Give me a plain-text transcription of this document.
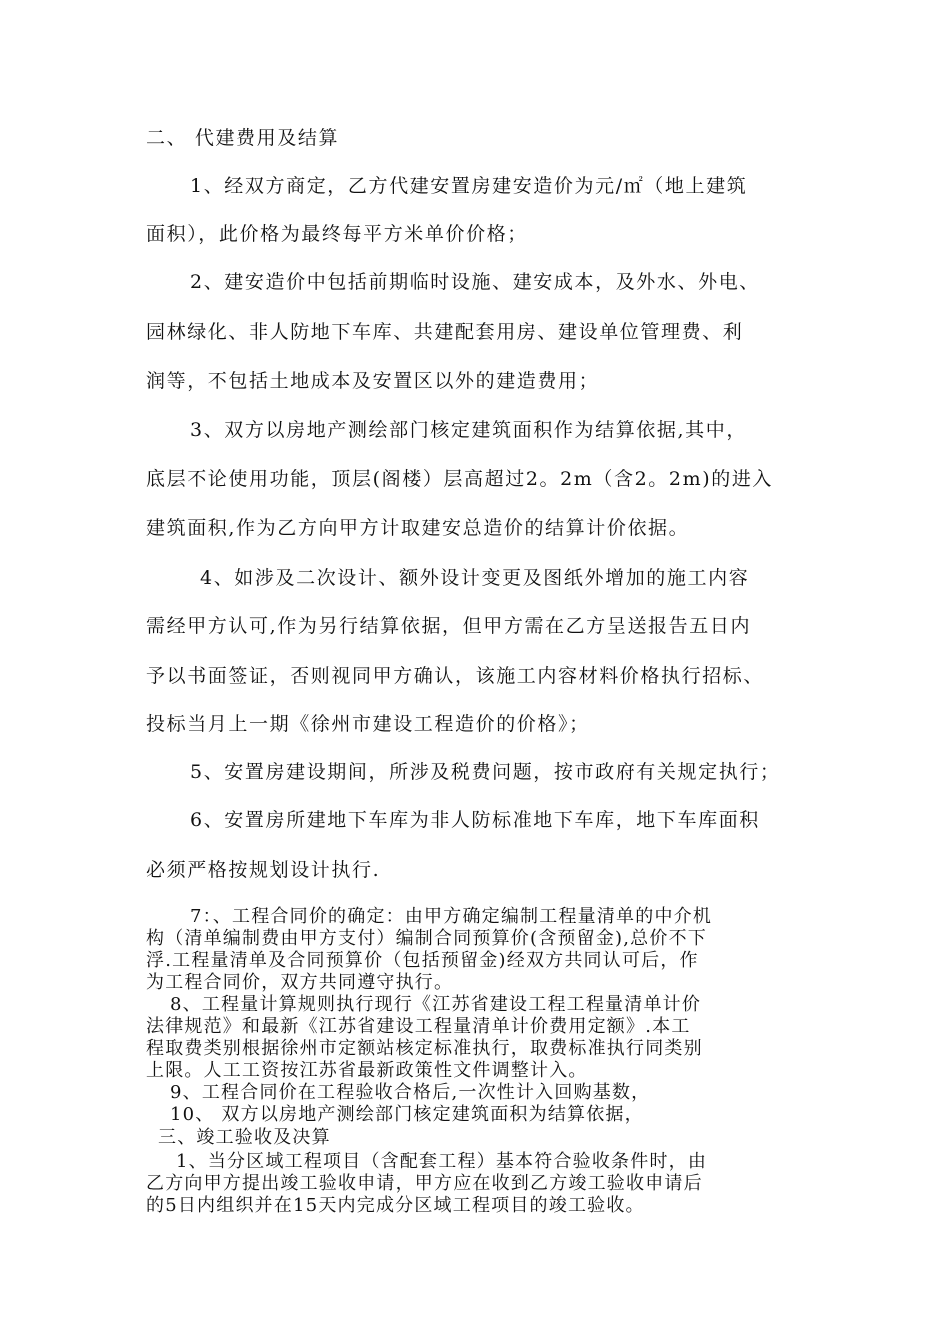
二、 代建费用及结算

1、经双方商定，乙方代建安置房建安造价为元/㎡（地上建筑

面积），此价格为最终每平方米单价价格；

2、建安造价中包括前期临时设施、建安成本，及外水、外电、

园林绿化、非人防地下车库、共建配套用房、建设单位管理费、利

润等，不包括土地成本及安置区以外的建造费用；

3、双方以房地产测绘部门核定建筑面积作为结算依据,其中，

底层不论使用功能，顶层(阁楼）层高超过2。2m（含2。2m)的进入

建筑面积,作为乙方向甲方计取建安总造价的结算计价依据。

4、如涉及二次设计、额外设计变更及图纸外增加的施工内容

需经甲方认可,作为另行结算依据，但甲方需在乙方呈送报告五日内

予以书面签证，否则视同甲方确认，该施工内容材料价格执行招标、

投标当月上一期《徐州市建设工程造价的价格》；

5、安置房建设期间，所涉及税费问题，按市政府有关规定执行；

6、安置房所建地下车库为非人防标准地下车库，地下车库面积

必须严格按规划设计执行.

7：、工程合同价的确定：由甲方确定编制工程量清单的中介机

构（清单编制费由甲方支付）编制合同预算价(含预留金),总价不下

浮.工程量清单及合同预算价（包括预留金)经双方共同认可后，作

为工程合同价，双方共同遵守执行。

8、工程量计算规则执行现行《江苏省建设工程工程量清单计价

法律规范》和最新《江苏省建设工程量清单计价费用定额》.本工

程取费类别根据徐州市定额站核定标准执行，取费标准执行同类别

上限。人工工资按江苏省最新政策性文件调整计入。

9、工程合同价在工程验收合格后,一次性计入回购基数，

10、 双方以房地产测绘部门核定建筑面积为结算依据，

三、竣工验收及决算

1、当分区域工程项目（含配套工程）基本符合验收条件时，由

乙方向甲方提出竣工验收申请，甲方应在收到乙方竣工验收申请后

的5日内组织并在15天内完成分区域工程项目的竣工验收。
